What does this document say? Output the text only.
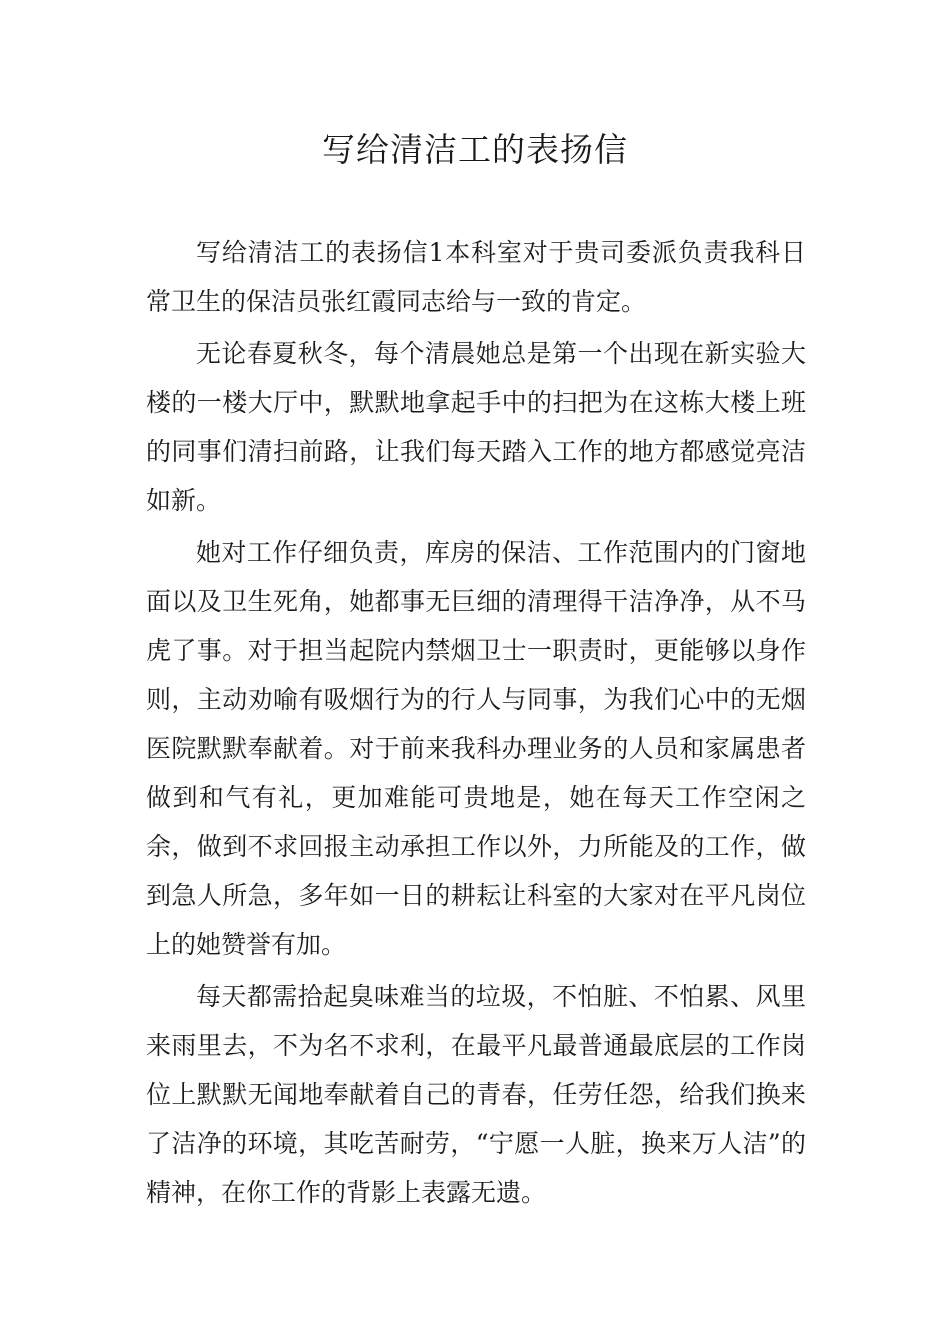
写给清洁工的表扬信

写给清洁工的表扬信1本科室对于贵司委派负责我科日常卫生的保洁员张红霞同志给与一致的肯定。

无论春夏秋冬，每个清晨她总是第一个出现在新实验大楼的一楼大厅中，默默地拿起手中的扫把为在这栋大楼上班的同事们清扫前路，让我们每天踏入工作的地方都感觉亮洁如新。

她对工作仔细负责，库房的保洁、工作范围内的门窗地面以及卫生死角，她都事无巨细的清理得干洁净净，从不马虎了事。对于担当起院内禁烟卫士一职责时，更能够以身作则，主动劝喻有吸烟行为的行人与同事，为我们心中的无烟医院默默奉献着。对于前来我科办理业务的人员和家属患者做到和气有礼，更加难能可贵地是，她在每天工作空闲之余，做到不求回报主动承担工作以外，力所能及的工作，做到急人所急，多年如一日的耕耘让科室的大家对在平凡岗位上的她赞誉有加。

每天都需拾起臭味难当的垃圾，不怕脏、不怕累、风里来雨里去，不为名不求利，在最平凡最普通最底层的工作岗位上默默无闻地奉献着自己的青春，任劳任怨，给我们换来了洁净的环境，其吃苦耐劳，“宁愿一人脏，换来万人洁”的精神，在你工作的背影上表露无遗。
